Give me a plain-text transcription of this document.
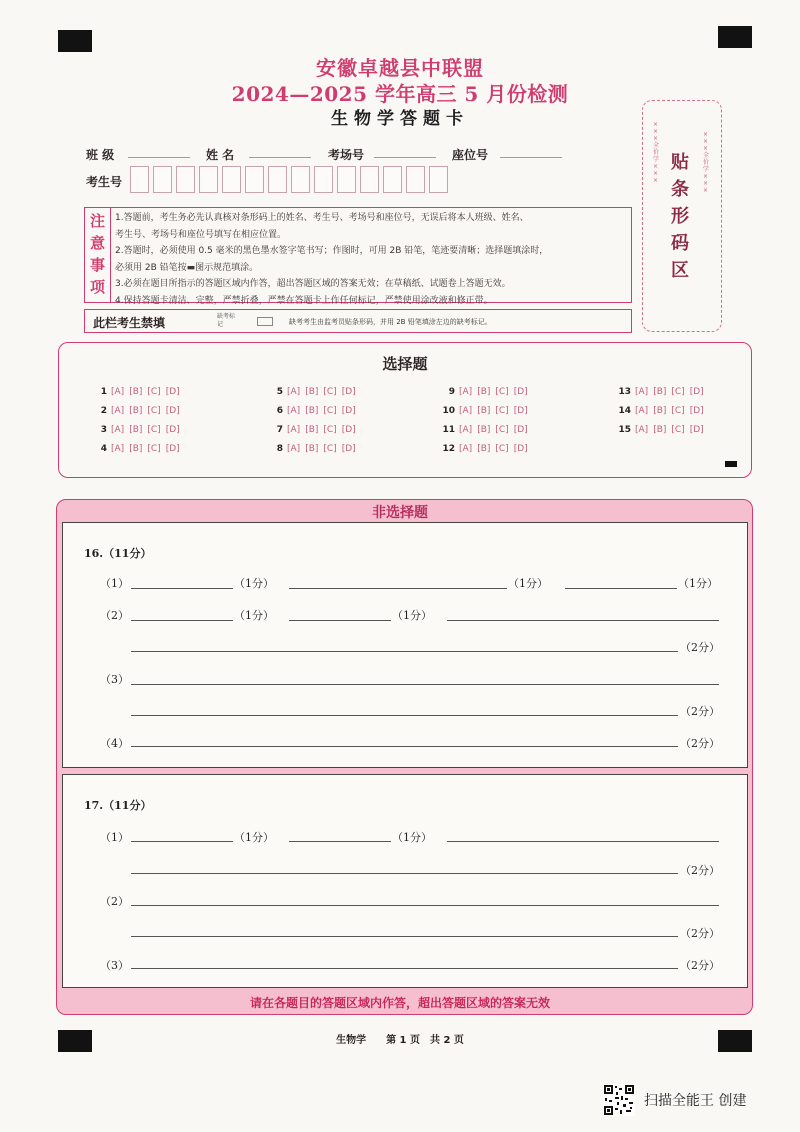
安徽卓越县中联盟
2024—2025 学年高三 5 月份检测
生物学答题卡
班 级	姓 名	考场号	座位号
考生号
×××全价学×××
贴条形码区
×××全价学×××
注意事项
1.答题前，考生务必先认真核对条形码上的姓名、考生号、考场号和座位号，无误后将本人班级、姓名、
考生号、考场号和座位号填写在相应位置。
2.答题时，必须使用 0.5 毫米的黑色墨水签字笔书写；作图时，可用 2B 铅笔，笔迹要清晰；选择题填涂时，
必须用 2B 铅笔按▬图示规范填涂。
3.必须在题目所指示的答题区域内作答，超出答题区域的答案无效；在草稿纸、试题卷上答题无效。
4.保持答题卡清洁、完整，严禁折叠，严禁在答题卡上作任何标记，严禁使用涂改液和修正带。
此栏考生禁填	缺考标记	缺考考生由监考员贴条形码，并用 2B 铅笔填涂左边的缺考标记。
选择题
1 [A] [B] [C] [D]
2 [A] [B] [C] [D]
3 [A] [B] [C] [D]
4 [A] [B] [C] [D]
5 [A] [B] [C] [D]
6 [A] [B] [C] [D]
7 [A] [B] [C] [D]
8 [A] [B] [C] [D]
9 [A] [B] [C] [D]
10 [A] [B] [C] [D]
11 [A] [B] [C] [D]
12 [A] [B] [C] [D]
13 [A] [B] [C] [D]
14 [A] [B] [C] [D]
15 [A] [B] [C] [D]
非选择题
16.（11分）
（1）	（1分）	（1分）	（1分）
（2）	（1分）	（1分）
（2分）
（3）
（2分）
（4）	（2分）
17.（11分）
（1）	（1分）	（1分）
（2分）
（2）
（2分）
（3）	（2分）
请在各题目的答题区域内作答，超出答题区域的答案无效
生物学　　第 1 页　共 2 页
扫描全能王 创建
